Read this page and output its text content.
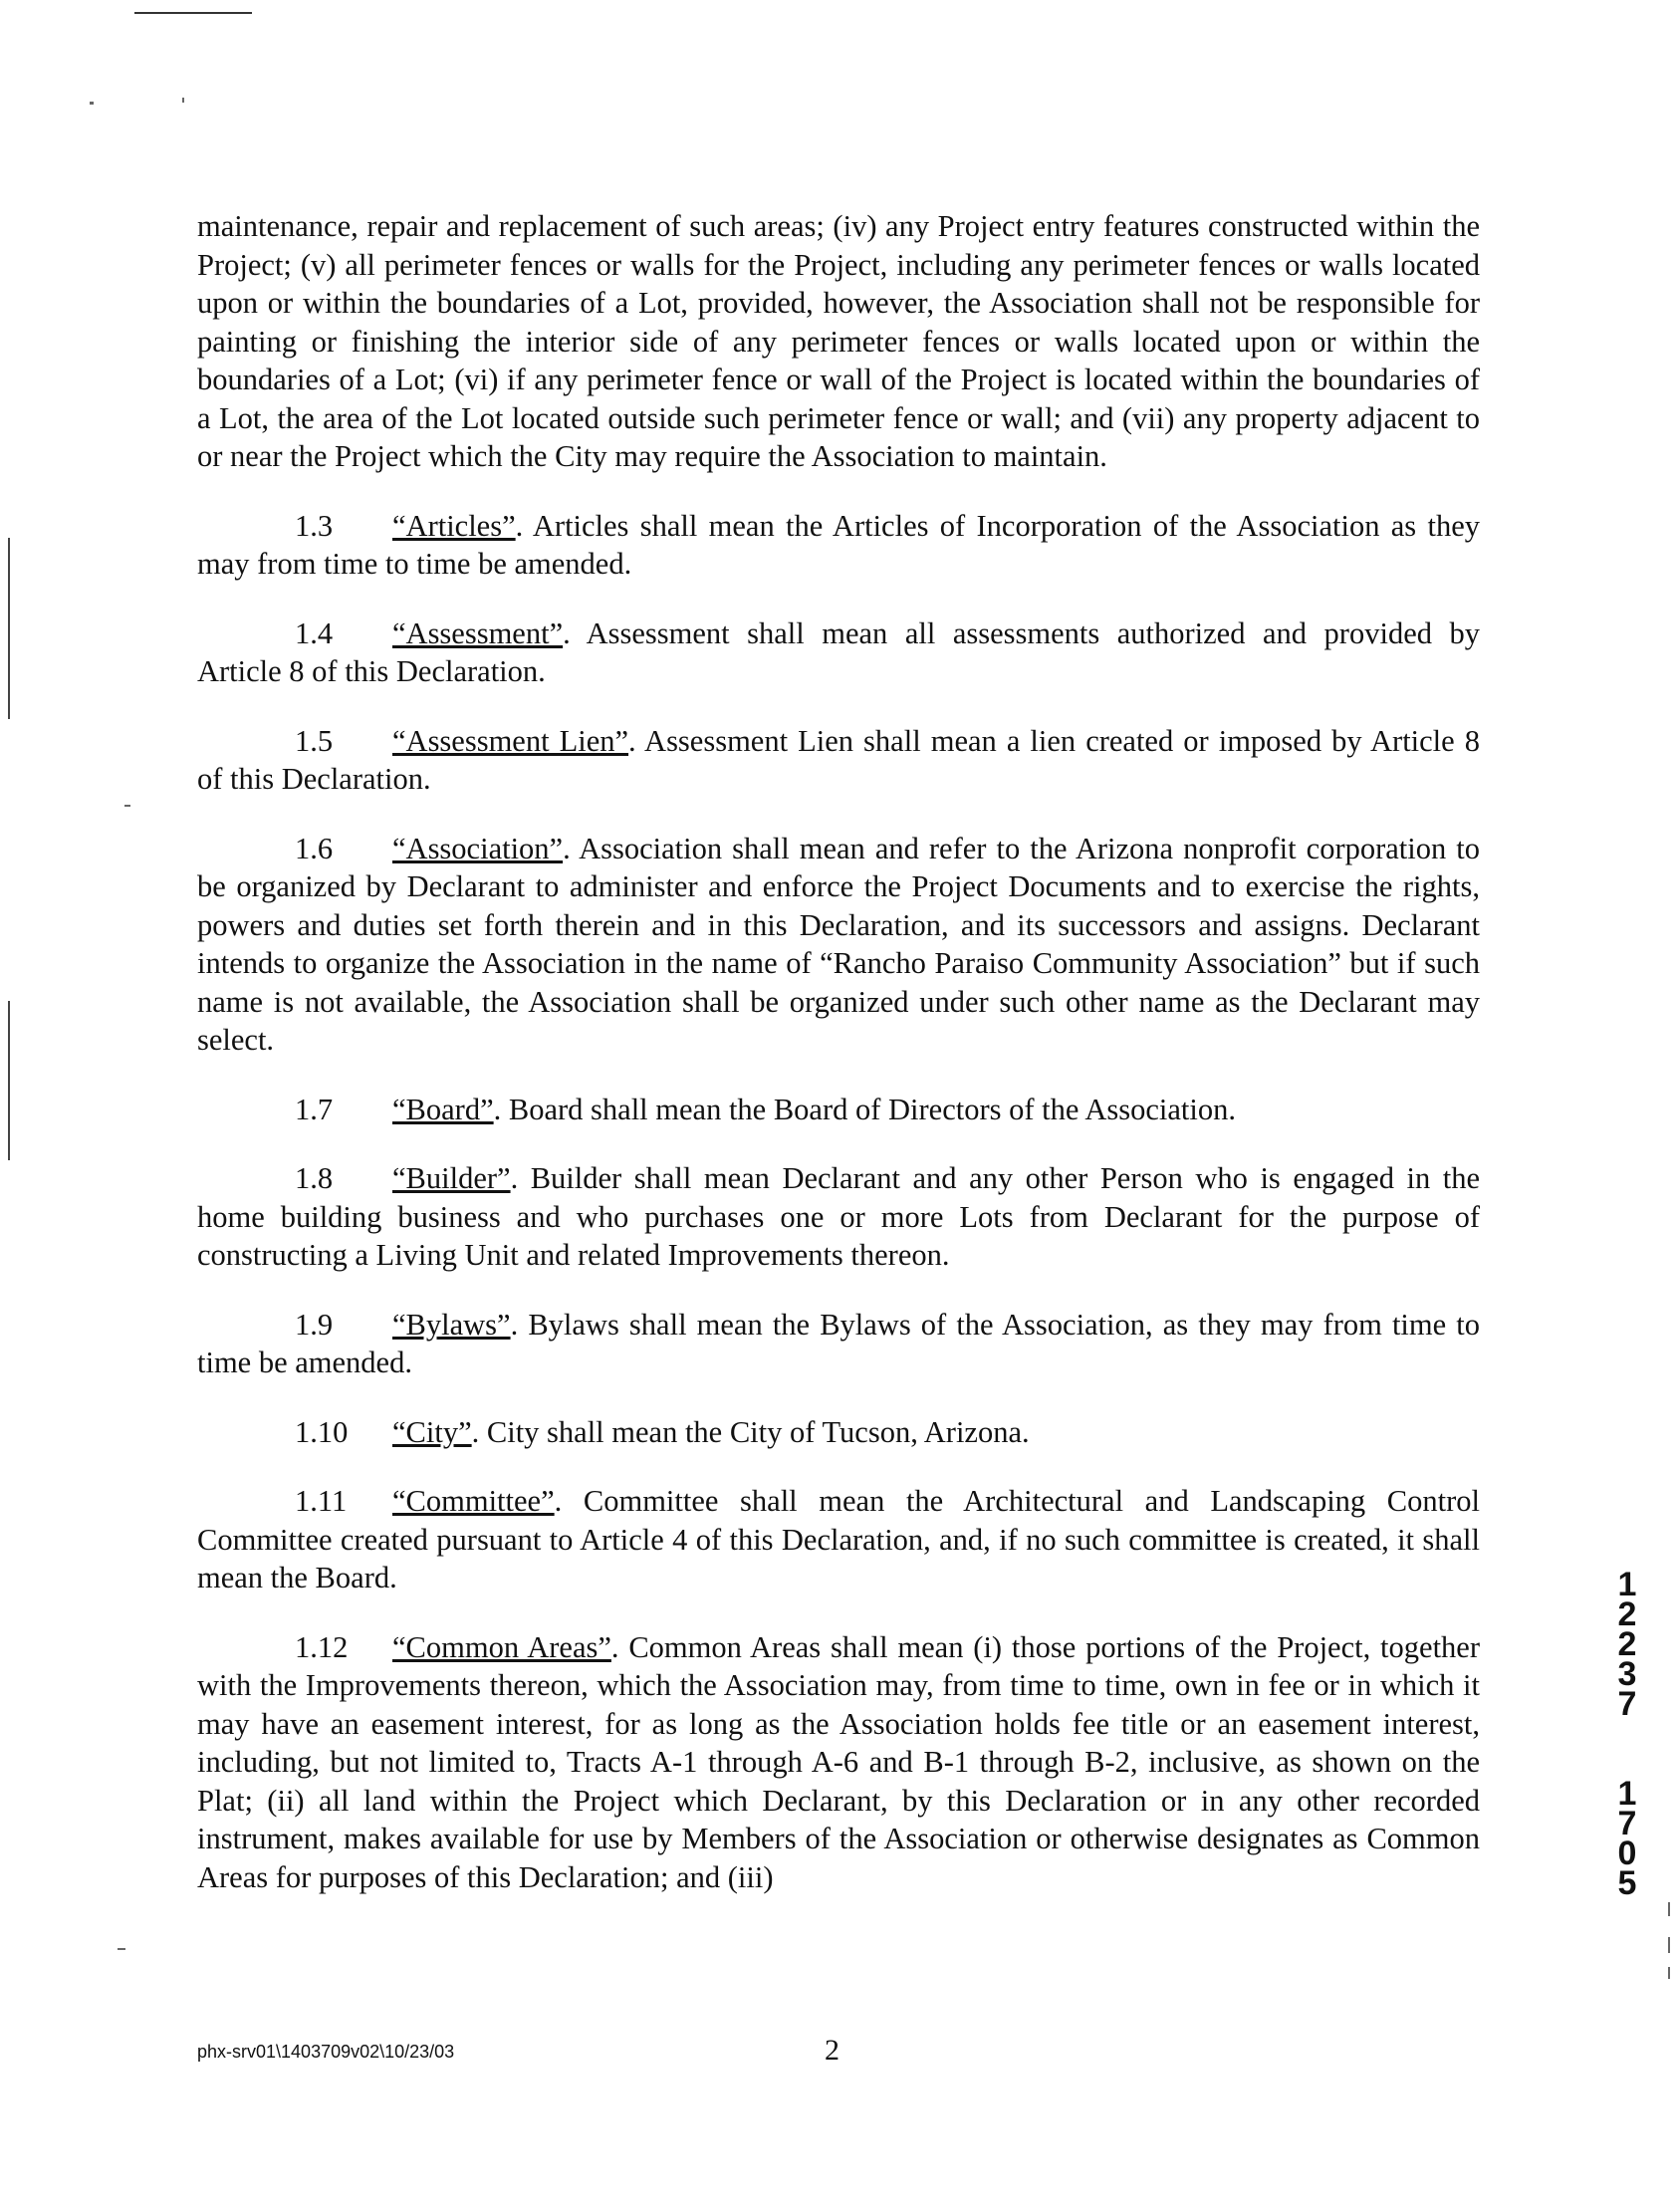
maintenance, repair and replacement of such areas; (iv) any Project entry features constructed within the Project; (v) all perimeter fences or walls for the Project, including any perimeter fences or walls located upon or within the boundaries of a Lot, provided, however, the Association shall not be responsible for painting or finishing the interior side of any perimeter fences or walls located upon or within the boundaries of a Lot; (vi) if any perimeter fence or wall of the Project is located within the boundaries of a Lot, the area of the Lot located outside such perimeter fence or wall; and (vii) any property adjacent to or near the Project which the City may require the Association to maintain.

1.3 “Articles”. Articles shall mean the Articles of Incorporation of the Association as they may from time to time be amended.

1.4 “Assessment”. Assessment shall mean all assessments authorized and provided by Article 8 of this Declaration.

1.5 “Assessment Lien”. Assessment Lien shall mean a lien created or imposed by Article 8 of this Declaration.

1.6 “Association”. Association shall mean and refer to the Arizona nonprofit corporation to be organized by Declarant to administer and enforce the Project Documents and to exercise the rights, powers and duties set forth therein and in this Declaration, and its successors and assigns. Declarant intends to organize the Association in the name of “Rancho Paraiso Community Association” but if such name is not available, the Association shall be organized under such other name as the Declarant may select.

1.7 “Board”. Board shall mean the Board of Directors of the Association.

1.8 “Builder”. Builder shall mean Declarant and any other Person who is engaged in the home building business and who purchases one or more Lots from Declarant for the purpose of constructing a Living Unit and related Improvements thereon.

1.9 “Bylaws”. Bylaws shall mean the Bylaws of the Association, as they may from time to time be amended.

1.10 “City”. City shall mean the City of Tucson, Arizona.

1.11 “Committee”. Committee shall mean the Architectural and Landscaping Control Committee created pursuant to Article 4 of this Declaration, and, if no such committee is created, it shall mean the Board.

1.12 “Common Areas”. Common Areas shall mean (i) those portions of the Project, together with the Improvements thereon, which the Association may, from time to time, own in fee or in which it may have an easement interest, for as long as the Association holds fee title or an easement interest, including, but not limited to, Tracts A-1 through A-6 and B-1 through B-2, inclusive, as shown on the Plat; (ii) all land within the Project which Declarant, by this Declaration or in any other recorded instrument, makes available for use by Members of the Association or otherwise designates as Common Areas for purposes of this Declaration; and (iii)

1
2
2
3
7
1
7
0
5
phx-srv01\1403709v02\10/23/03	2
